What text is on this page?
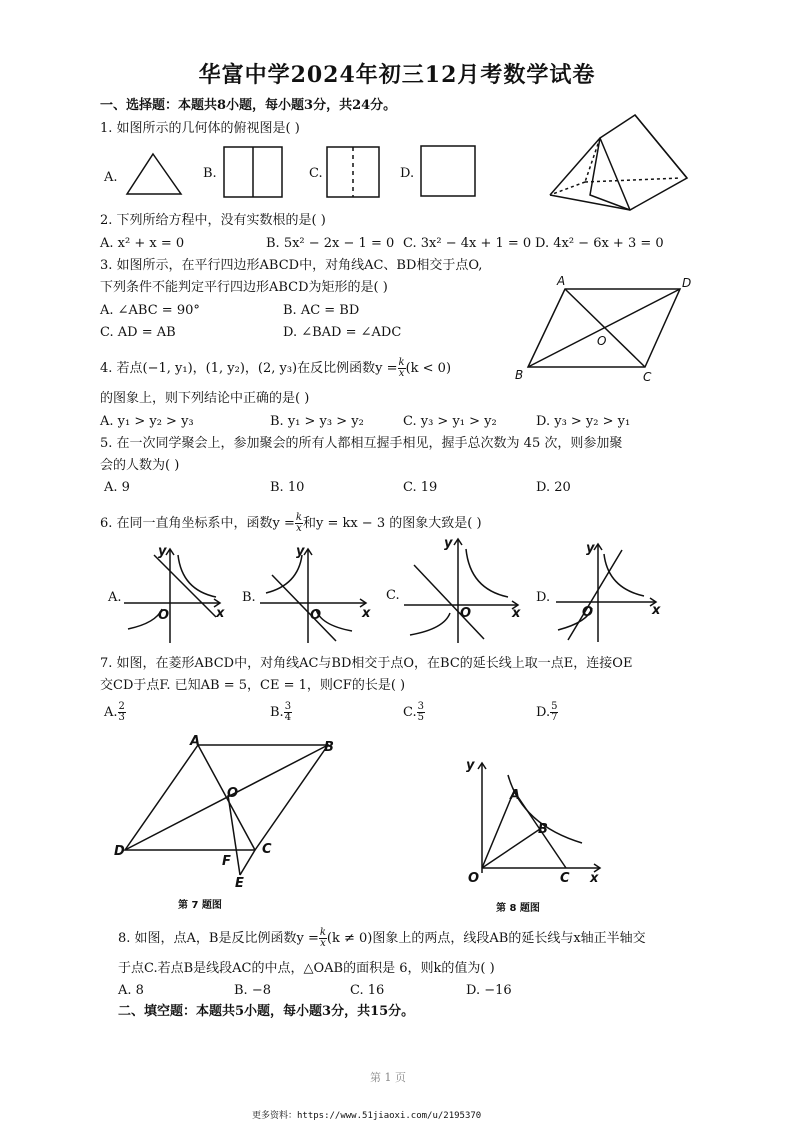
华富中学2024年初三12月考数学试卷
一、选择题：本题共8小题，每小题3分，共24分。
1. 如图所示的几何体的俯视图是( )
A.	B.	C.	D.
2. 下列所给方程中，没有实数根的是( )
A. x² + x = 0	B. 5x² − 2x − 1 = 0 C. 3x² − 4x + 1 = 0 D. 4x² − 6x + 3 = 0
3. 如图所示，在平行四边形ABCD中，对角线AC、BD相交于点O,
下列条件不能判定平行四边形ABCD为矩形的是( )
A. ∠ABC = 90°	B. AC = BD
C. AD = AB	D. ∠BAD = ∠ADC
A	D
O
B	C
4. 若点(−1, y₁)，(1, y₂)，(2, y₃)在反比例函数$y = \frac{k}{x} (k < 0)$
的图象上，则下列结论中正确的是( )
A. y₁ > y₂ > y₃	B. y₁ > y₃ > y₂	C. y₃ > y₁ > y₂	D. y₃ > y₂ > y₁
5. 在一次同学聚会上，参加聚会的所有人都相互握手相见，握手总次数为 45 次，则参加聚
会的人数为( )
A. 9	B. 10	C. 19	D. 20
6. 在同一直角坐标系中，函数$y = \frac{k}{x}$ 和y = kx − 3 的图象大致是( )
A.
y
x
O
B.
y
x
O
C.
y
x
O
D.
y
x
O
7. 如图，在菱形ABCD中，对角线AC与BD相交于点O，在BC的延长线上取一点E，连接OE
交CD于点F. 已知AB = 5，CE = 1，则CF的长是( )
A. $\frac{2}{3}$	B. $\frac{3}{4}$	C. $\frac{3}{5}$	D. $\frac{5}{7}$
A	B
O
D
F
C
E
第 7 题图
y
A
B
O	C x
第 8 题图
8. 如图，点A，B是反比例函数$y = \frac{k}{x} (k \ne 0)$图象上的两点，线段AB的延长线与x轴正半轴交
于点C.若点B是线段AC的中点，△OAB的面积是 6，则k的值为( )
A. 8	B. −8	C. 16	D. −16
二、填空题：本题共5小题，每小题3分，共15分。
第 1 页
更多资料：https://www.51jiaoxi.com/u/2195370
